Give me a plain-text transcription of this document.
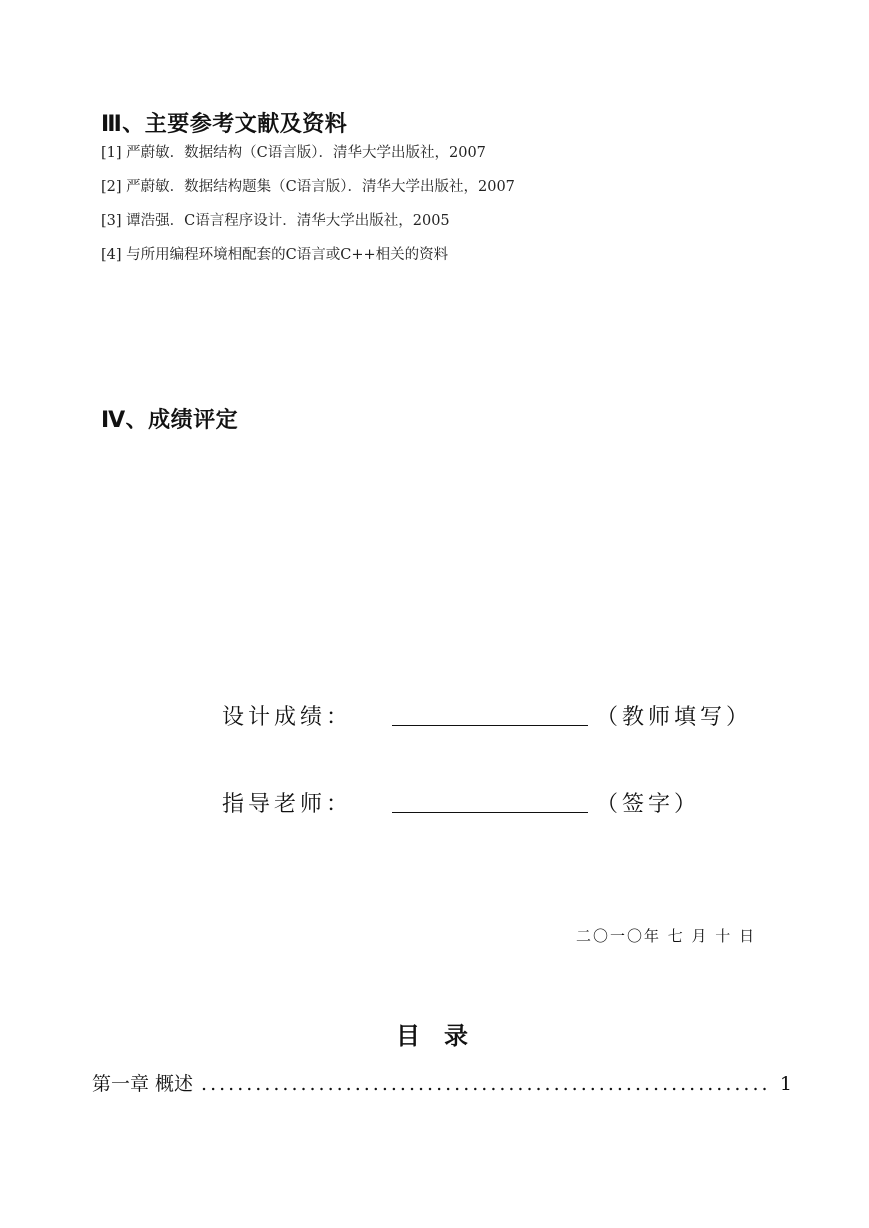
Ⅲ、主要参考文献及资料
[1] 严蔚敏．数据结构（C语言版）．清华大学出版社，2007
[2] 严蔚敏．数据结构题集（C语言版）．清华大学出版社，2007
[3] 谭浩强．C语言程序设计．清华大学出版社，2005
[4] 与所用编程环境相配套的C语言或C++相关的资料
Ⅳ、成绩评定
设计成绩：	（教师填写）
指导老师：	（签字）
二〇一〇年 七 月 十 日
目　录
第一章 概述
.....	1
